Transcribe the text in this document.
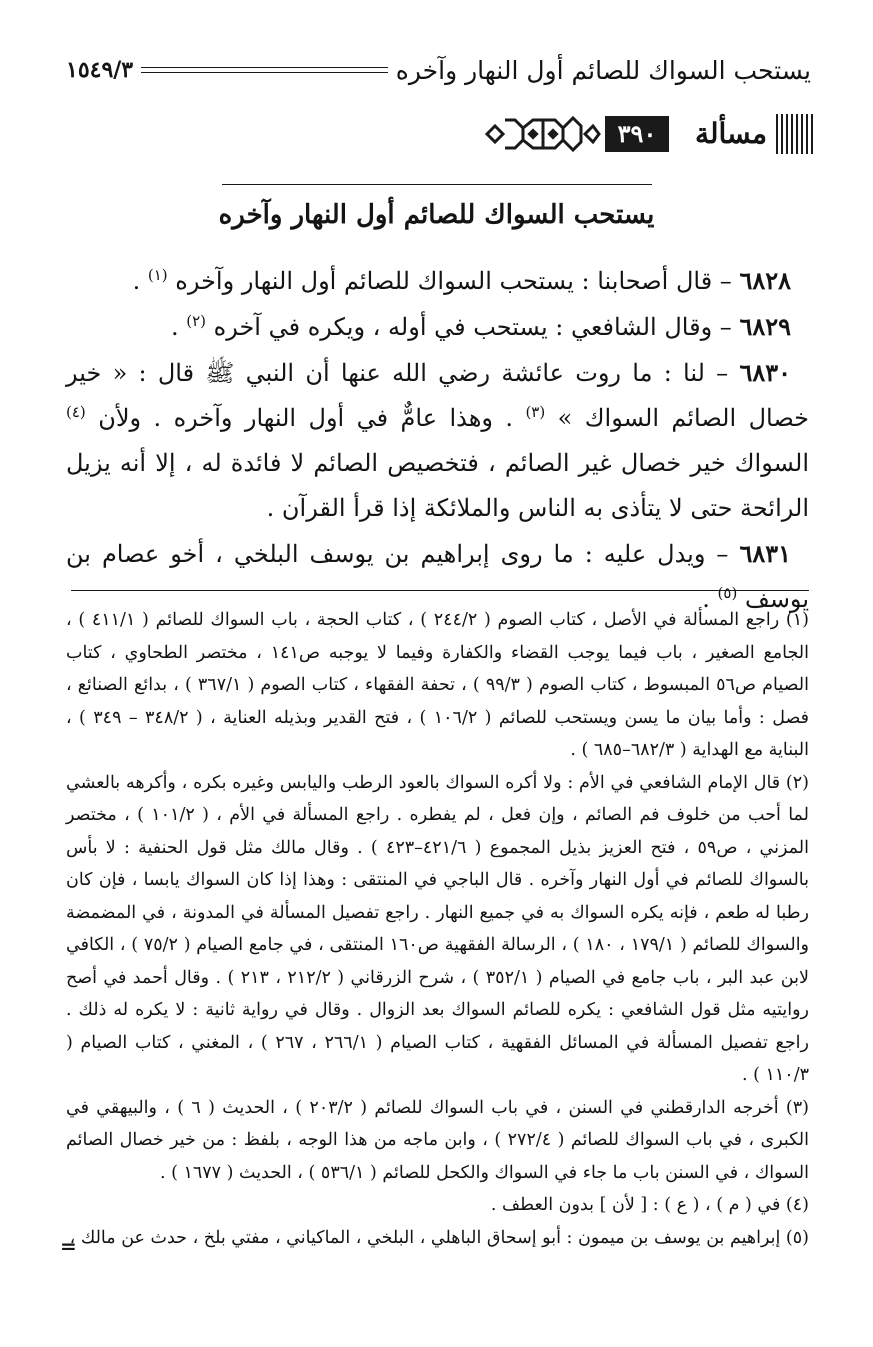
يستحب السواك للصائم أول النهار وآخره
١٥٤٩/٣
مسألة
٣٩٠
يستحب السواك للصائم أول النهار وآخره

٦٨٢٨ – قال أصحابنا : يستحب السواك للصائم أول النهار وآخره $^{(١)}$ .

٦٨٢٩ – وقال الشافعي : يستحب في أوله ، ويكره في آخره $^{(٢)}$ .

٦٨٣٠ – لنا : ما روت عائشة رضي الله عنها أن النبي ﷺ قال : « خير خصال الصائم السواك » $^{(٣)}$ . وهذا عامٌّ في أول النهار وآخره . ولأن $^{(٤)}$ السواك خير خصال غير الصائم ، فتخصيص الصائم لا فائدة له ، إلا أنه يزيل الرائحة حتى لا يتأذى به الناس والملائكة إذا قرأ القرآن .

٦٨٣١ – ويدل عليه : ما روى إبراهيم بن يوسف البلخي ، أخو عصام بن يوسف $^{(٥)}$ .

(١) راجع المسألة في الأصل ، كتاب الصوم ( ٢٤٤/٢ ) ، كتاب الحجة ، باب السواك للصائم ( ٤١١/١ ) ، الجامع الصغير ، باب فيما يوجب القضاء والكفارة وفيما لا يوجبه ص١٤١ ، مختصر الطحاوي ، كتاب الصيام ص٥٦ المبسوط ، كتاب الصوم ( ٩٩/٣ ) ، تحفة الفقهاء ، كتاب الصوم ( ٣٦٧/١ ) ، بدائع الصنائع ، فصل : وأما بيان ما يسن ويستحب للصائم ( ١٠٦/٢ ) ، فتح القدير وبذيله العناية ، ( ٣٤٨/٢ – ٣٤٩ ) ، البناية مع الهداية ( ٦٨٢/٣–٦٨٥ ) .

(٢) قال الإمام الشافعي في الأم : ولا أكره السواك بالعود الرطب واليابس وغيره بكره ، وأكرهه بالعشي لما أحب من خلوف فم الصائم ، وإن فعل ، لم يفطره . راجع المسألة في الأم ، ( ١٠١/٢ ) ، مختصر المزني ، ص٥٩ ، فتح العزيز بذيل المجموع ( ٤٢١/٦–٤٢٣ ) . وقال مالك مثل قول الحنفية : لا بأس بالسواك للصائم في أول النهار وآخره . قال الباجي في المنتقى : وهذا إذا كان السواك يابسا ، فإن كان رطبا له طعم ، فإنه يكره السواك به في جميع النهار . راجع تفصيل المسألة في المدونة ، في المضمضة والسواك للصائم ( ١٧٩/١ ، ١٨٠ ) ، الرسالة الفقهية ص١٦٠ المنتقى ، في جامع الصيام ( ٧٥/٢ ) ، الكافي لابن عبد البر ، باب جامع في الصيام ( ٣٥٢/١ ) ، شرح الزرقاني ( ٢١٢/٢ ، ٢١٣ ) . وقال أحمد في أصح روايتيه مثل قول الشافعي : يكره للصائم السواك بعد الزوال . وقال في رواية ثانية : لا يكره له ذلك . راجع تفصيل المسألة في المسائل الفقهية ، كتاب الصيام ( ٢٦٦/١ ، ٢٦٧ ) ، المغني ، كتاب الصيام ( ١١٠/٣ ) .

(٣) أخرجه الدارقطني في السنن ، في باب السواك للصائم ( ٢٠٣/٢ ) ، الحديث ( ٦ ) ، والبيهقي في الكبرى ، في باب السواك للصائم ( ٢٧٢/٤ ) ، وابن ماجه من هذا الوجه ، بلفظ : من خير خصال الصائم السواك ، في السنن باب ما جاء في السواك والكحل للصائم ( ٥٣٦/١ ) ، الحديث ( ١٦٧٧ ) .

(٤) في ( م ) ، ( ع ) : [ لأن ] بدون العطف .

(٥) إبراهيم بن يوسف بن ميمون : أبو إسحاق الباهلي ، البلخي ، الماكياني ، مفتي بلخ ، حدث عن مالك ،

=
